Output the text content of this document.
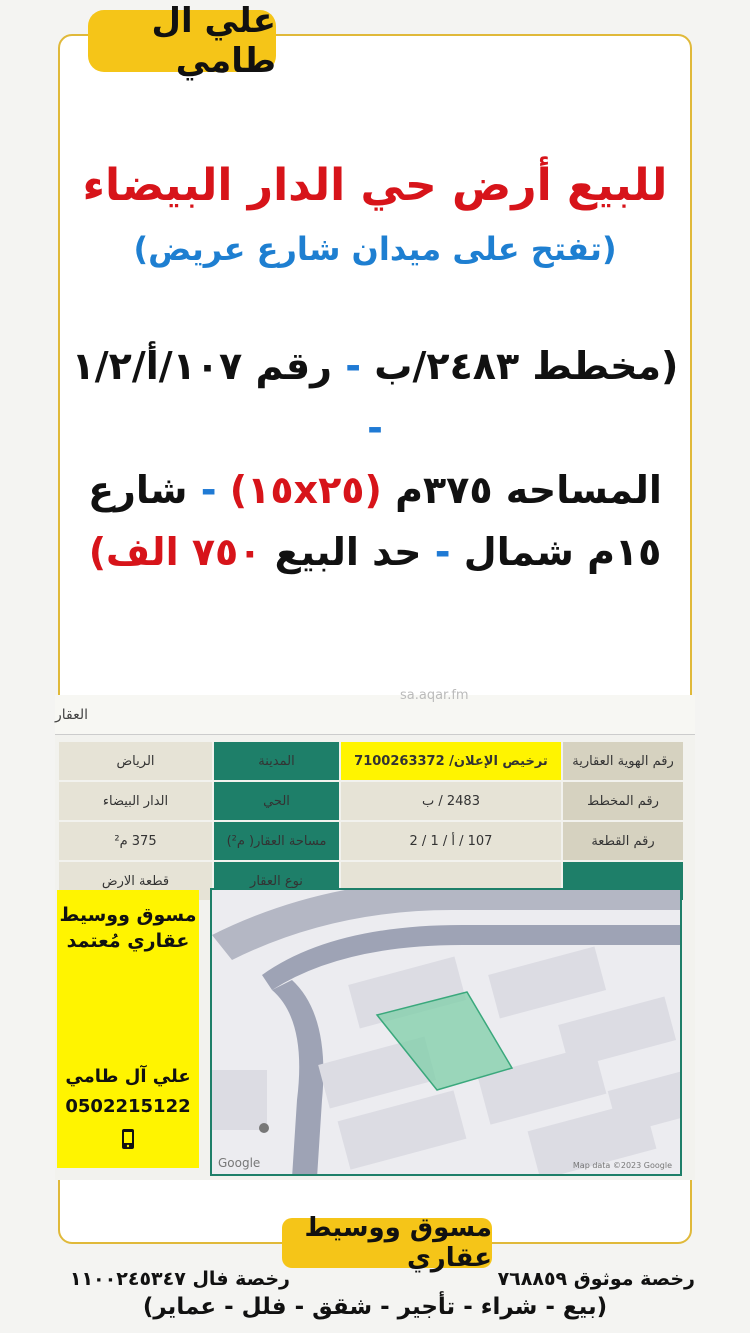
علي ال طامي
للبيع أرض حي الدار البيضاء
(تفتح على ميدان شارع عريض)
(مخطط ٢٤٨٣/ب - رقم ١٠٧/أ/١/٢ -
المساحه ٣٧٥م (١٥x٢٥) - شارع
١٥م شمال - حد البيع ٧٥٠ الف)
العقار
sa.aqar.fm
رقم الهوية العقارية	ترخيص الإعلان/ 7100263372	المدينة	الرياض
رقم المخطط	2483 / ب	الحي	الدار البيضاء
رقم القطعة	107 / أ / 1 / 2	مساحة العقار( م²)	375 م²
		نوع العقار	قطعة الارض
مسوق ووسيط عقاري مُعتمد
علي آل طامي
0502215122
Google	Map data ©2023 Google
مسوق ووسيط عقاري
رخصة فال ١١٠٠٢٤٥٣٤٧	رخصة موثوق ٧٦٨٨٥٩
(بيع - شراء - تأجير - شقق - فلل - عماير)
